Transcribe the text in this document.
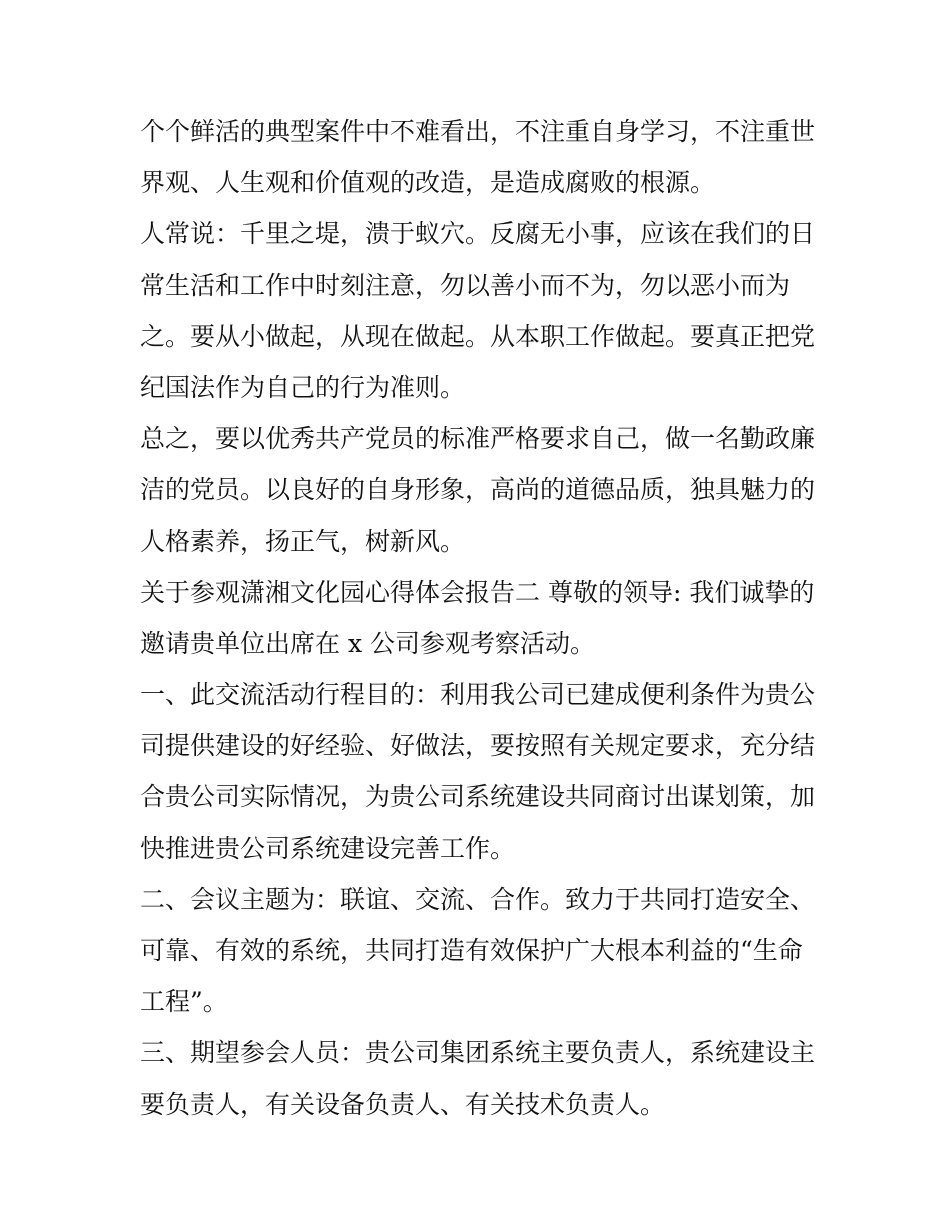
个个鲜活的典型案件中不难看出，不注重自身学习，不注重世
界观、人生观和价值观的改造，是造成腐败的根源。
人常说：千里之堤，溃于蚁穴。反腐无小事，应该在我们的日
常生活和工作中时刻注意，勿以善小而不为，勿以恶小而为
之。要从小做起，从现在做起。从本职工作做起。要真正把党
纪国法作为自己的行为准则。
总之，要以优秀共产党员的标准严格要求自己，做一名勤政廉
洁的党员。以良好的自身形象，高尚的道德品质，独具魅力的
人格素养，扬正气，树新风。
关于参观潇湘文化园心得体会报告二 尊敬的领导: 我们诚挚的
邀请贵单位出席在 x 公司参观考察活动。
一、此交流活动行程目的：利用我公司已建成便利条件为贵公
司提供建设的好经验、好做法，要按照有关规定要求，充分结
合贵公司实际情况，为贵公司系统建设共同商讨出谋划策，加
快推进贵公司系统建设完善工作。
二、会议主题为：联谊、交流、合作。致力于共同打造安全、
可靠、有效的系统，共同打造有效保护广大根本利益的“生命
工程”。
三、期望参会人员：贵公司集团系统主要负责人，系统建设主
要负责人，有关设备负责人、有关技术负责人。
